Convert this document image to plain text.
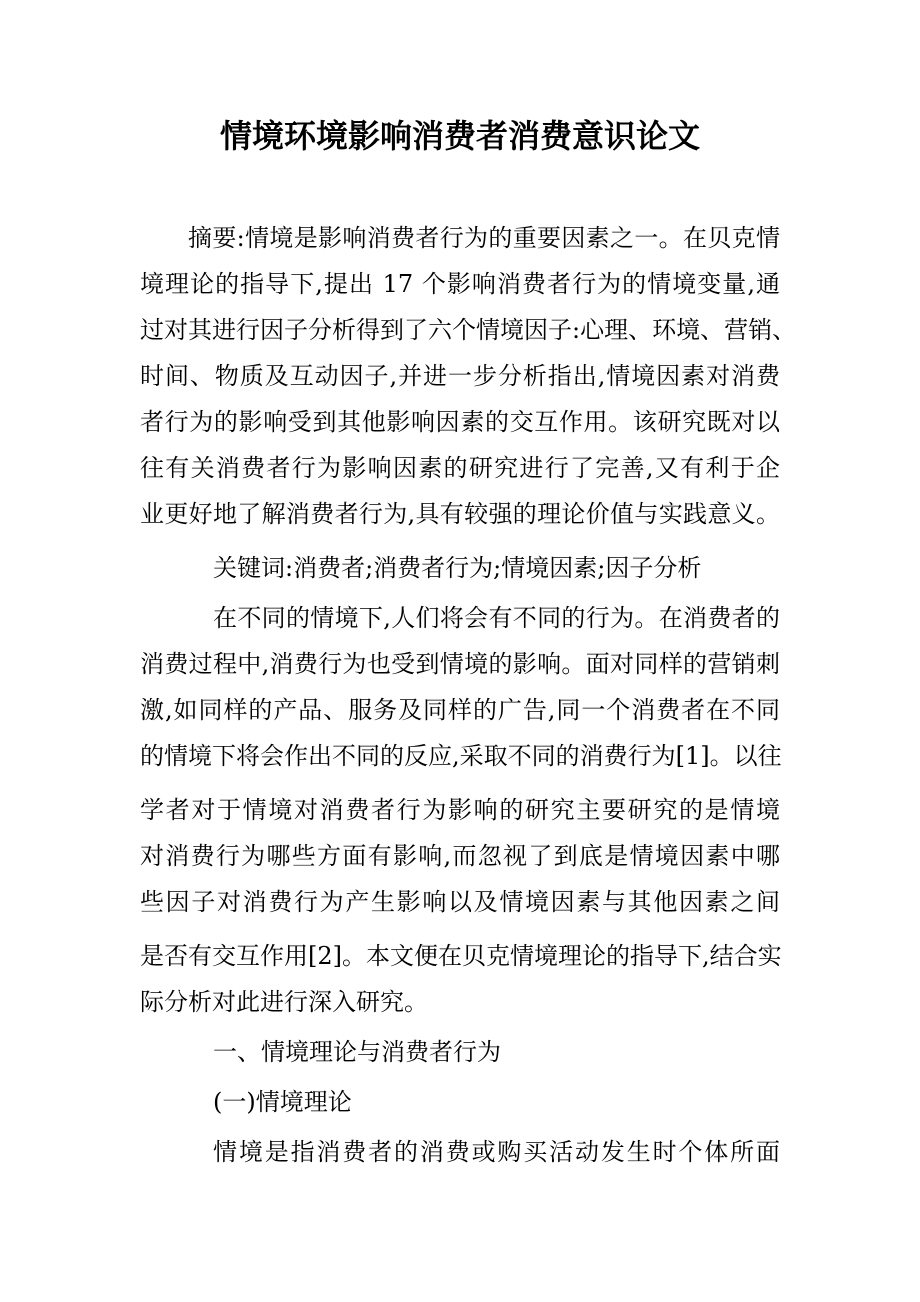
情境环境影响消费者消费意识论文
摘要:情境是影响消费者行为的重要因素之一。在贝克情
境理论的指导下,提出 17 个影响消费者行为的情境变量,通
过对其进行因子分析得到了六个情境因子:心理、环境、营销、
时间、物质及互动因子,并进一步分析指出,情境因素对消费
者行为的影响受到其他影响因素的交互作用。该研究既对以
往有关消费者行为影响因素的研究进行了完善,又有利于企
业更好地了解消费者行为,具有较强的理论价值与实践意义。
关键词:消费者;消费者行为;情境因素;因子分析
在不同的情境下,人们将会有不同的行为。在消费者的
消费过程中,消费行为也受到情境的影响。面对同样的营销刺
激,如同样的产品、服务及同样的广告,同一个消费者在不同
的情境下将会作出不同的反应,采取不同的消费行为[1]。以往
学者对于情境对消费者行为影响的研究主要研究的是情境
对消费行为哪些方面有影响,而忽视了到底是情境因素中哪
些因子对消费行为产生影响以及情境因素与其他因素之间
是否有交互作用[2]。本文便在贝克情境理论的指导下,结合实
际分析对此进行深入研究。
一、情境理论与消费者行为
(一)情境理论
情境是指消费者的消费或购买活动发生时个体所面
